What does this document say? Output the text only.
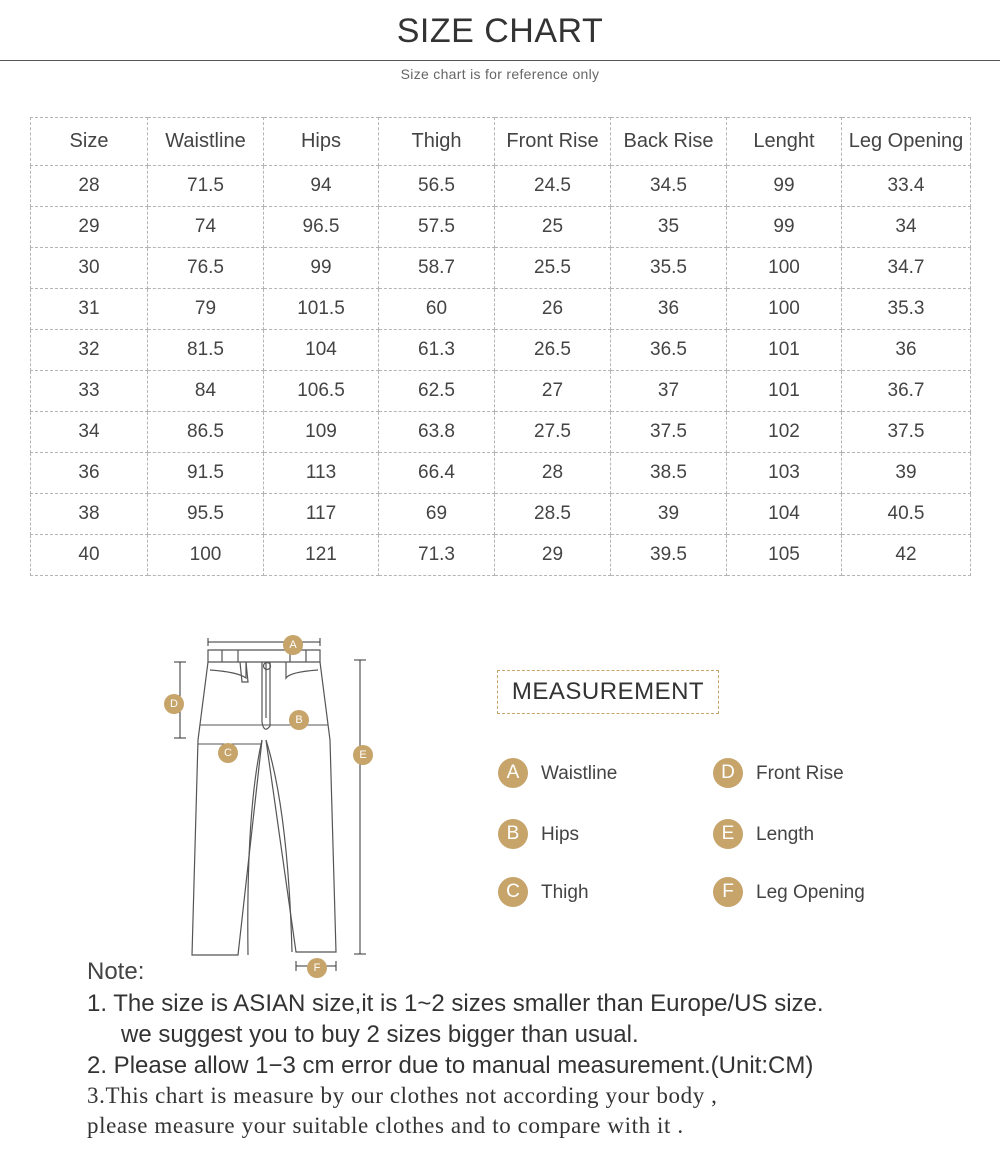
SIZE CHART
Size chart is for reference only
Size	Waistline	Hips	Thigh	Front Rise	Back Rise	Lenght	Leg Opening
28	71.5	94	56.5	24.5	34.5	99	33.4
29	74	96.5	57.5	25	35	99	34
30	76.5	99	58.7	25.5	35.5	100	34.7
31	79	101.5	60	26	36	100	35.3
32	81.5	104	61.3	26.5	36.5	101	36
33	84	106.5	62.5	27	37	101	36.7
34	86.5	109	63.8	27.5	37.5	102	37.5
36	91.5	113	66.4	28	38.5	103	39
38	95.5	117	69	28.5	39	104	40.5
40	100	121	71.3	29	39.5	105	42
A
B
C
D
E
F
MEASUREMENT
A	Waistline
B	Hips
C	Thigh
D	Front Rise
E	Length
F	Leg Opening
Note:
1. The size is ASIAN size,it is 1~2 sizes smaller than Europe/US size.
we suggest you to buy 2 sizes bigger than usual.
2. Please allow 1−3 cm error due to manual measurement.(Unit:CM)
3.This chart is measure by our clothes not according your body ,
please measure your suitable clothes and to compare with it .
